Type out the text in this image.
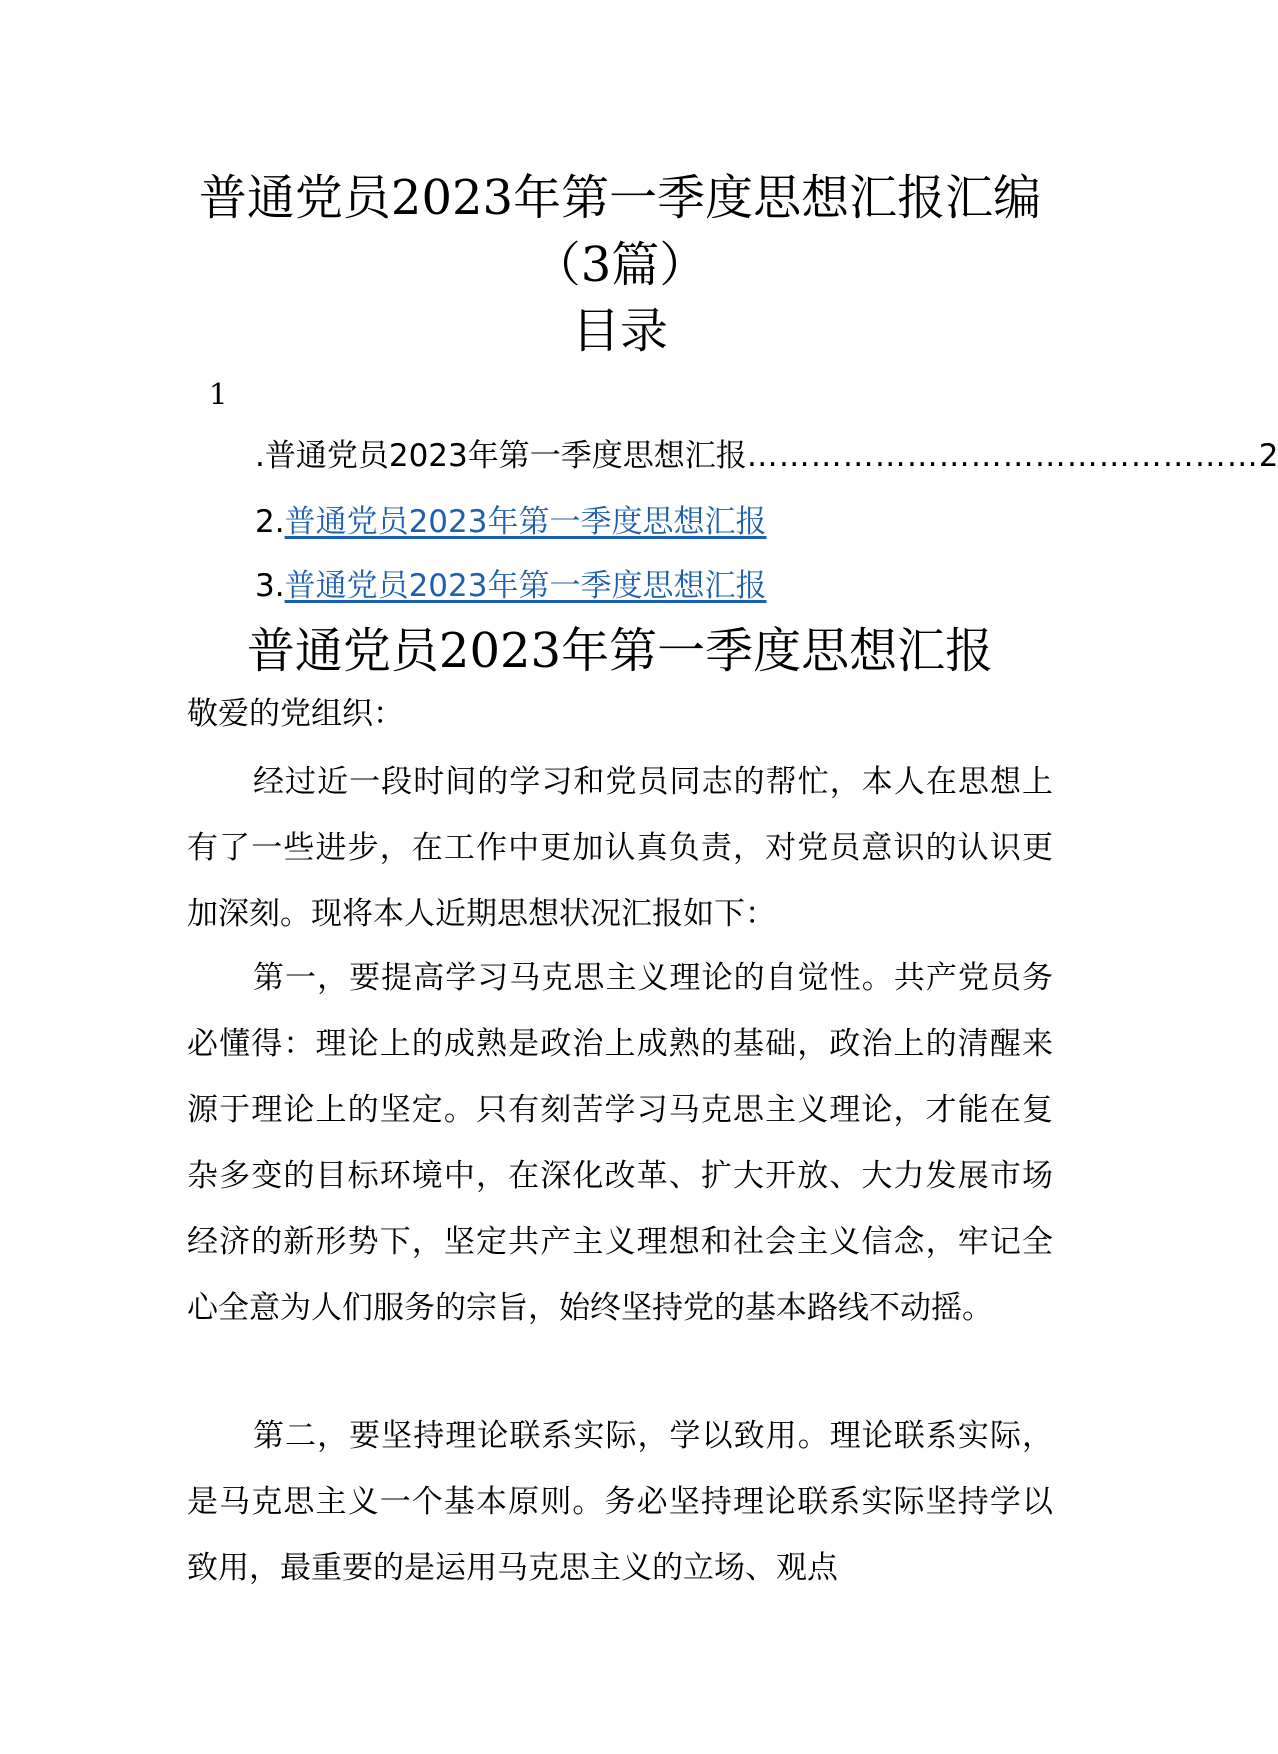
普通党员2023年第一季度思想汇报汇编
（3篇）
目录
1
.普通党员2023年第一季度思想汇报 ………………………………………… 2
2.普通党员2023年第一季度思想汇报
3.普通党员2023年第一季度思想汇报
普通党员2023年第一季度思想汇报

敬爱的党组织：

经过近一段时间的学习和党员同志的帮忙，本人在思想上有了一些进步，在工作中更加认真负责，对党员意识的认识更加深刻。现将本人近期思想状况汇报如下：

第一，要提高学习马克思主义理论的自觉性。共产党员务必懂得：理论上的成熟是政治上成熟的基础，政治上的清醒来源于理论上的坚定。只有刻苦学习马克思主义理论，才能在复杂多变的目标环境中，在深化改革、扩大开放、大力发展市场经济的新形势下，坚定共产主义理想和社会主义信念，牢记全心全意为人们服务的宗旨，始终坚持党的基本路线不动摇。

第二，要坚持理论联系实际，学以致用。理论联系实际，是马克思主义一个基本原则。务必坚持理论联系实际坚持学以致用，最重要的是运用马克思主义的立场、观点
